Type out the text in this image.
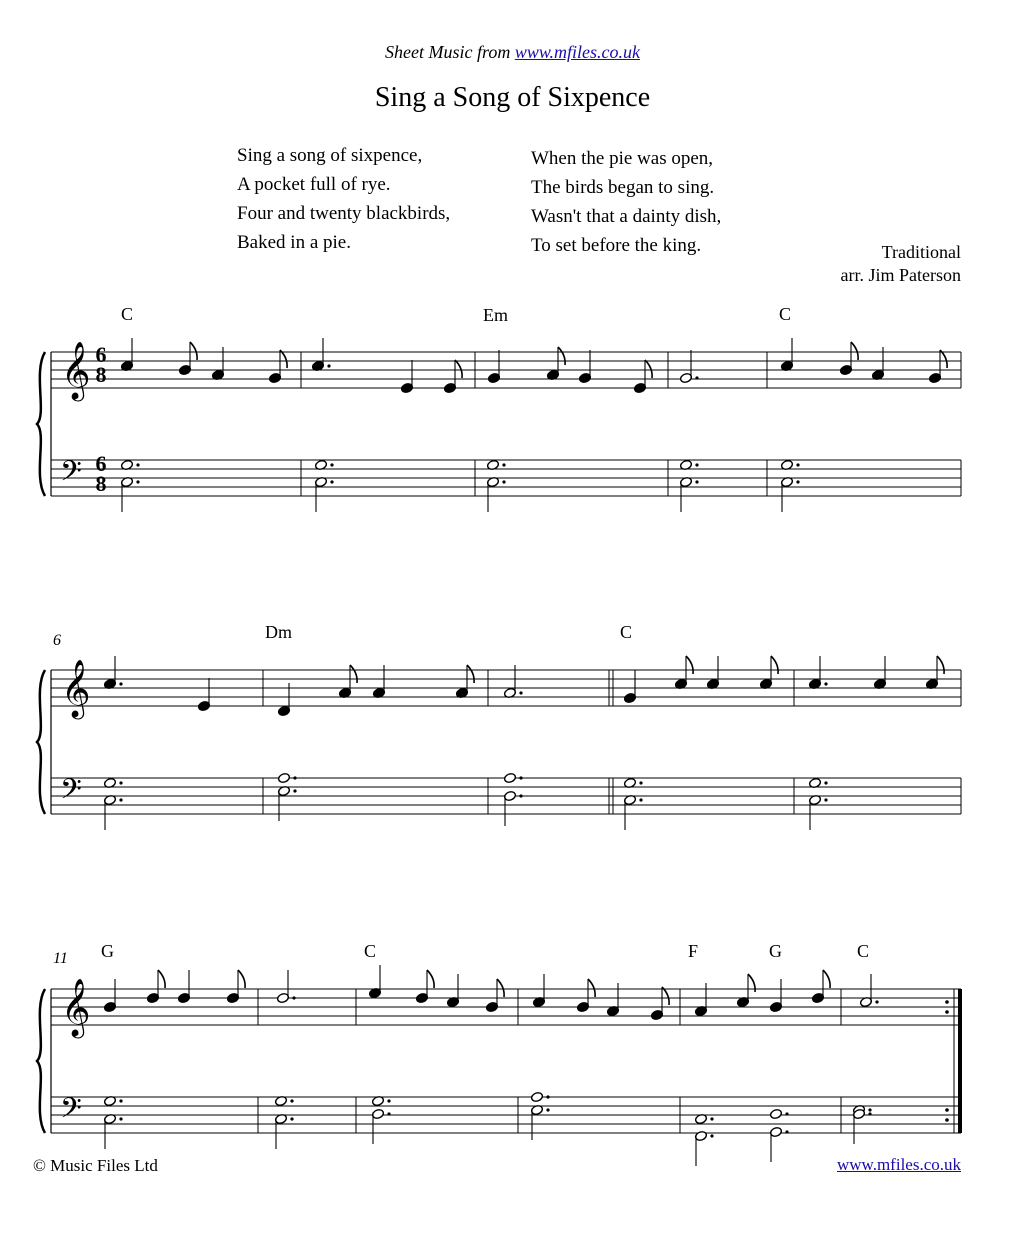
Sheet Music from www.mfiles.co.uk
Sing a Song of Sixpence
Sing a song of sixpence,
A pocket full of rye.
Four and twenty blackbirds,
Baked in a pie.
When the pie was open,
The birds began to sing.
Wasn't that a dainty dish,
To set before the king.	Traditional
arr. Jim Paterson
C	Em	C
6	Dm	C
11 G	C	F	G	C
𝄞
𝄢
𝄞
𝄢
𝄞
𝄢
6
8
6
8
© Music Files Ltd	www.mfiles.co.uk
